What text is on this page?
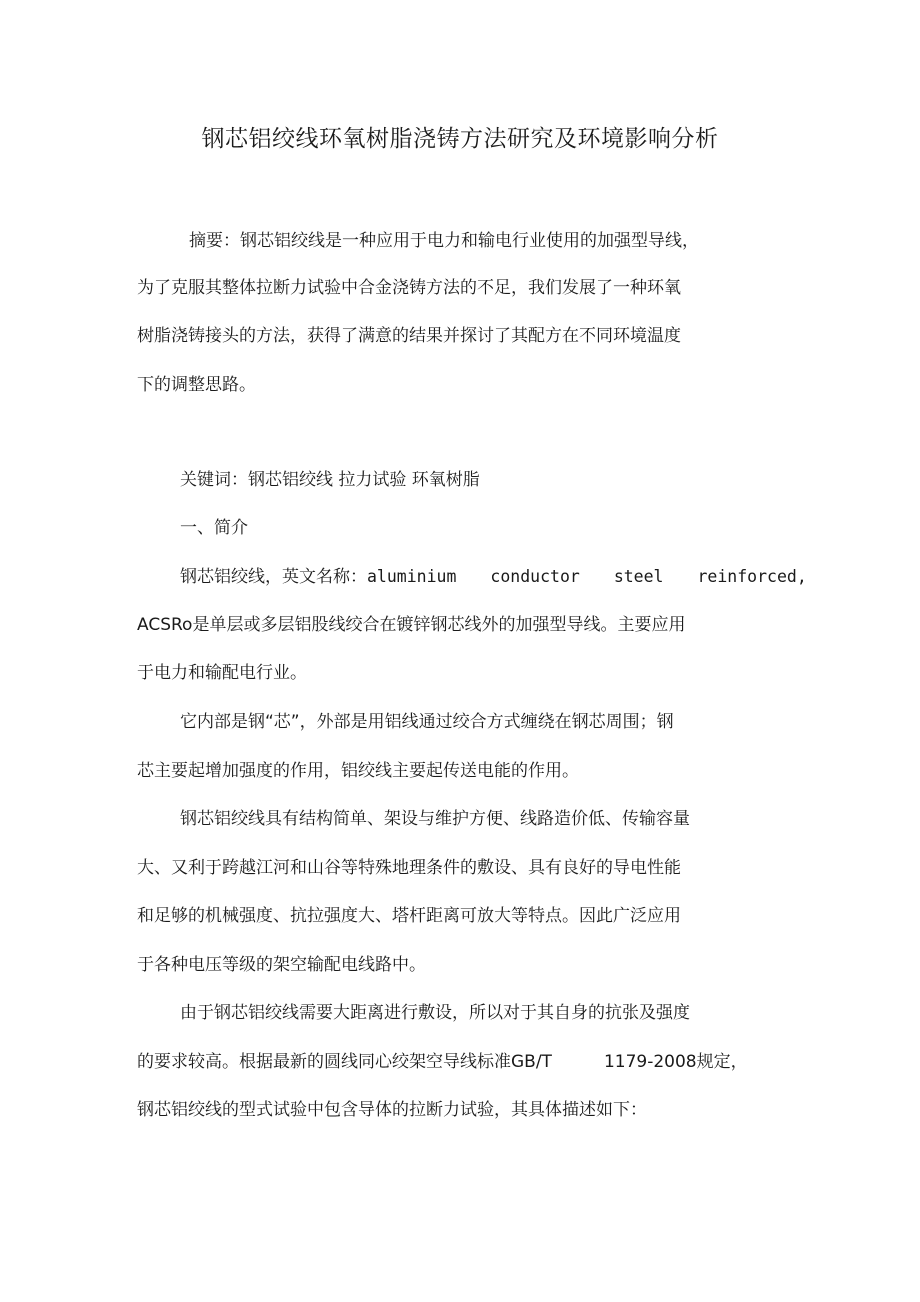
钢芯铝绞线环氧树脂浇铸方法研究及环境影响分析
摘要：钢芯铝绞线是一种应用于电力和输电行业使用的加强型导线，
为了克服其整体拉断力试验中合金浇铸方法的不足，我们发展了一种环氧
树脂浇铸接头的方法，获得了满意的结果并探讨了其配方在不同环境温度
下的调整思路。
关键词：钢芯铝绞线 拉力试验 环氧树脂
一、简介
钢芯铝绞线，英文名称：aluminium conductor steel reinforced,
ACSRo是单层或多层铝股线绞合在镀锌钢芯线外的加强型导线。主要应用
于电力和输配电行业。
它内部是钢“芯”，外部是用铝线通过绞合方式缠绕在钢芯周围；钢
芯主要起增加强度的作用，铝绞线主要起传送电能的作用。
钢芯铝绞线具有结构简单、架设与维护方便、线路造价低、传输容量
大、又利于跨越江河和山谷等特殊地理条件的敷设、具有良好的导电性能
和足够的机械强度、抗拉强度大、塔杆距离可放大等特点。因此广泛应用
于各种电压等级的架空输配电线路中。
由于钢芯铝绞线需要大距离进行敷设，所以对于其自身的抗张及强度
的要求较高。根据最新的圆线同心绞架空导线标准GB/T	1179-2008规定，
钢芯铝绞线的型式试验中包含导体的拉断力试验，其具体描述如下：
